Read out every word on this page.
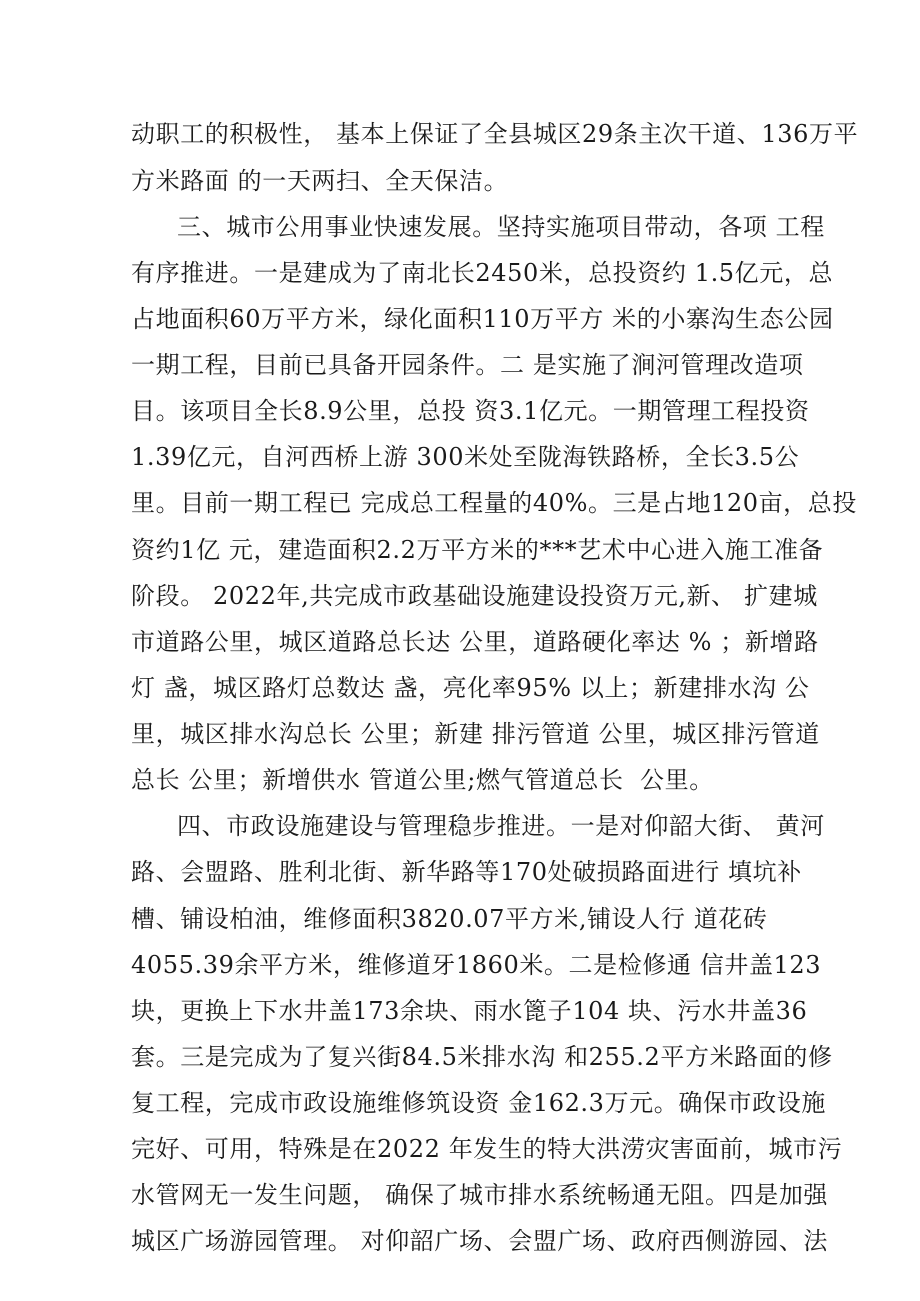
动职工的积极性， 基本上保证了全县城区29条主次干道、136万平
方米路面 的一天两扫、全天保洁。
三、城市公用事业快速发展。坚持实施项目带动，各项 工程
有序推进。一是建成为了南北长2450米，总投资约 1.5亿元，总
占地面积60万平方米，绿化面积110万平方 米的小寨沟生态公园
一期工程，目前已具备开园条件。二 是实施了涧河管理改造项
目。该项目全长8.9公里，总投 资3.1亿元。一期管理工程投资
1.39亿元，自河西桥上游 300米处至陇海铁路桥，全长3.5公
里。目前一期工程已 完成总工程量的40%。三是占地120亩，总投
资约1亿 元，建造面积2.2万平方米的***艺术中心进入施工准备
阶段。 2022年,共完成市政基础设施建设投资万元,新、 扩建城
市道路公里，城区道路总长达 公里，道路硬化率达 % ；新增路
灯 盏，城区路灯总数达 盏，亮化率95% 以上；新建排水沟 公
里，城区排水沟总长 公里；新建 排污管道 公里，城区排污管道
总长 公里；新增供水 管道公里;燃气管道总长  公里。
四、市政设施建设与管理稳步推进。一是对仰韶大街、 黄河
路、会盟路、胜利北街、新华路等170处破损路面进行 填坑补
槽、铺设柏油，维修面积3820.07平方米,铺设人行 道花砖
4055.39余平方米，维修道牙1860米。二是检修通 信井盖123
块，更换上下水井盖173余块、雨水篦子104 块、污水井盖36
套。三是完成为了复兴街84.5米排水沟 和255.2平方米路面的修
复工程，完成市政设施维修筑设资 金162.3万元。确保市政设施
完好、可用，特殊是在2022 年发生的特大洪涝灾害面前，城市污
水管网无一发生问题， 确保了城市排水系统畅通无阻。四是加强
城区广场游园管理。 对仰韶广场、会盟广场、政府西侧游园、法
